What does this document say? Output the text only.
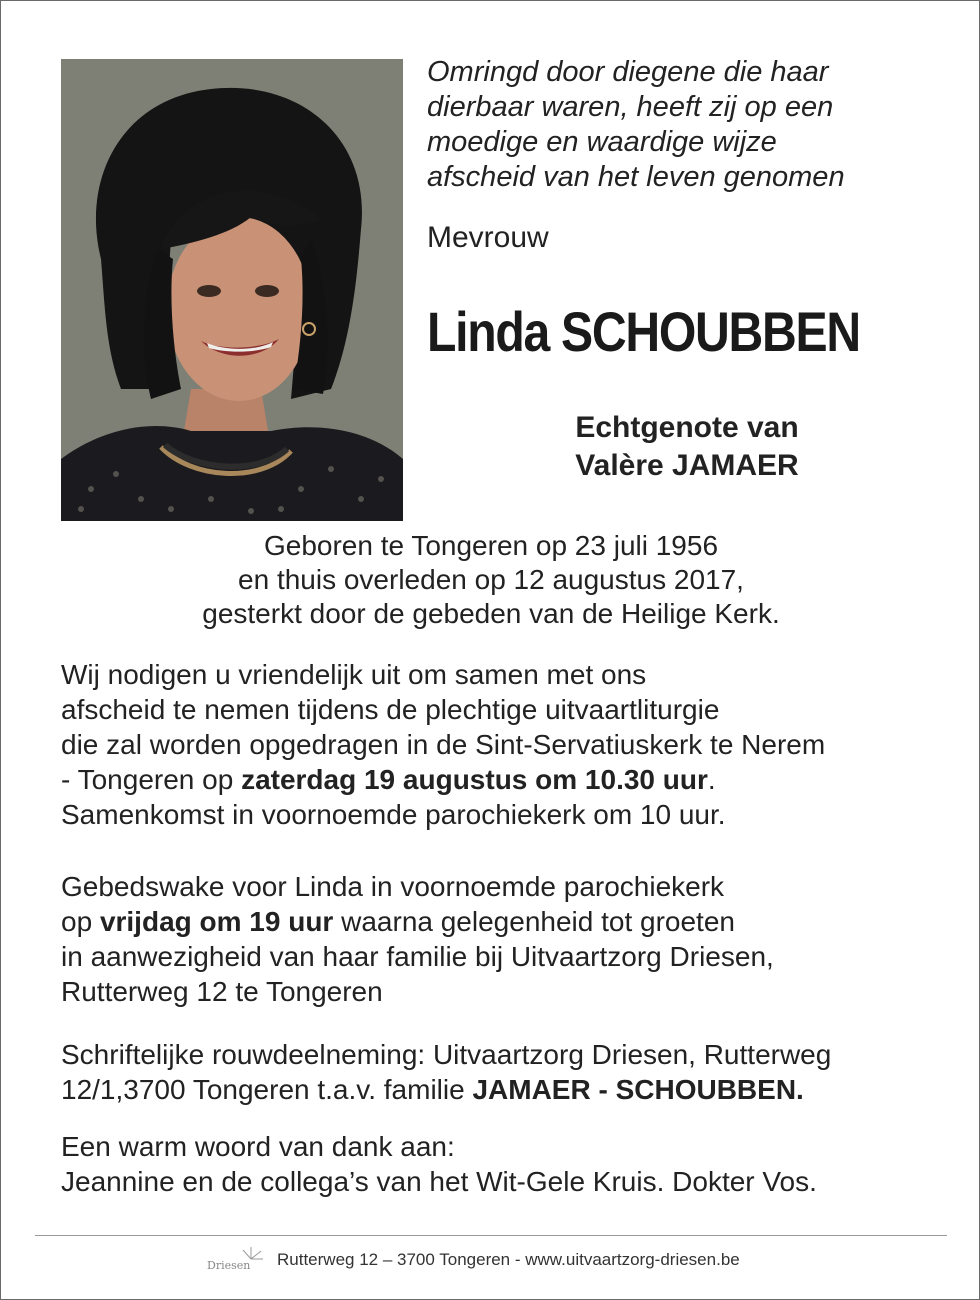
Omringd door diegene die haar
dierbaar waren, heeft zij op een
moedige en waardige wijze
afscheid van het leven genomen
Mevrouw
Linda SCHOUBBEN
Echtgenote van
Valère JAMAER
Geboren te Tongeren op 23 juli 1956
en thuis overleden op 12 augustus 2017,
gesterkt door de gebeden van de Heilige Kerk.
Wij nodigen u vriendelijk uit om samen met ons
afscheid te nemen tijdens de plechtige uitvaartliturgie
die zal worden opgedragen in de Sint-Servatiuskerk te Nerem
- Tongeren op zaterdag 19 augustus om 10.30 uur.
Samenkomst in voornoemde parochiekerk om 10 uur.
Gebedswake voor Linda in voornoemde parochiekerk
op vrijdag om 19 uur waarna gelegenheid tot groeten
in aanwezigheid van haar familie bij Uitvaartzorg Driesen,
Rutterweg 12 te Tongeren
Schriftelijke rouwdeelneming: Uitvaartzorg Driesen, Rutterweg
12/1,3700 Tongeren t.a.v. familie JAMAER - SCHOUBBEN.
Een warm woord van dank aan:
Jeannine en de collega’s van het Wit-Gele Kruis. Dokter Vos.
Driesen Rutterweg 12 – 3700 Tongeren - www.uitvaartzorg-driesen.be
